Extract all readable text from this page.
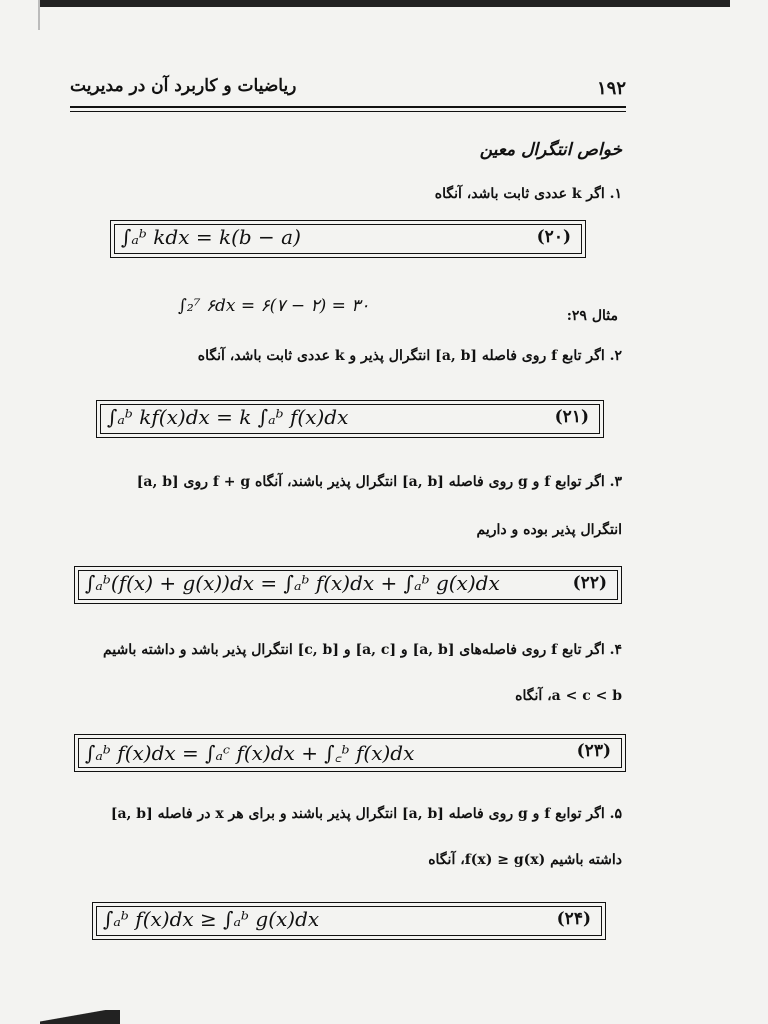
ریاضیات و کاربرد آن در مدیریت	۱۹۲
خواص انتگرال معین
۱. اگر k عددی ثابت باشد، آنگاه
∫ₐᵇ kdx = k(b − a)	(۲۰)
مثال ۲۹:
∫₂⁷ ۶dx = ۶(۷ − ۲) = ۳۰
۲. اگر تابع f روی فاصله [a, b] انتگرال پذیر و k عددی ثابت باشد، آنگاه
∫ₐᵇ kf(x)dx = k ∫ₐᵇ f(x)dx	(۲۱)
۳. اگر توابع f و g روی فاصله [a, b] انتگرال پذیر باشند، آنگاه f + g روی [a, b]
انتگرال پذیر بوده و داریم
∫ₐᵇ(f(x) + g(x))dx = ∫ₐᵇ f(x)dx + ∫ₐᵇ g(x)dx	(۲۲)
۴. اگر تابع f روی فاصله‌های [a, b] و [a, c] و [c, b] انتگرال پذیر باشد و داشته باشیم
a < c < b، آنگاه
∫ₐᵇ f(x)dx = ∫ₐᶜ f(x)dx + ∫꜀ᵇ f(x)dx	(۲۳)
۵. اگر توابع f و g روی فاصله [a, b] انتگرال پذیر باشند و برای هر x در فاصله [a, b]
داشته باشیم f(x) ≥ g(x)، آنگاه
∫ₐᵇ f(x)dx ≥ ∫ₐᵇ g(x)dx	(۲۴)
